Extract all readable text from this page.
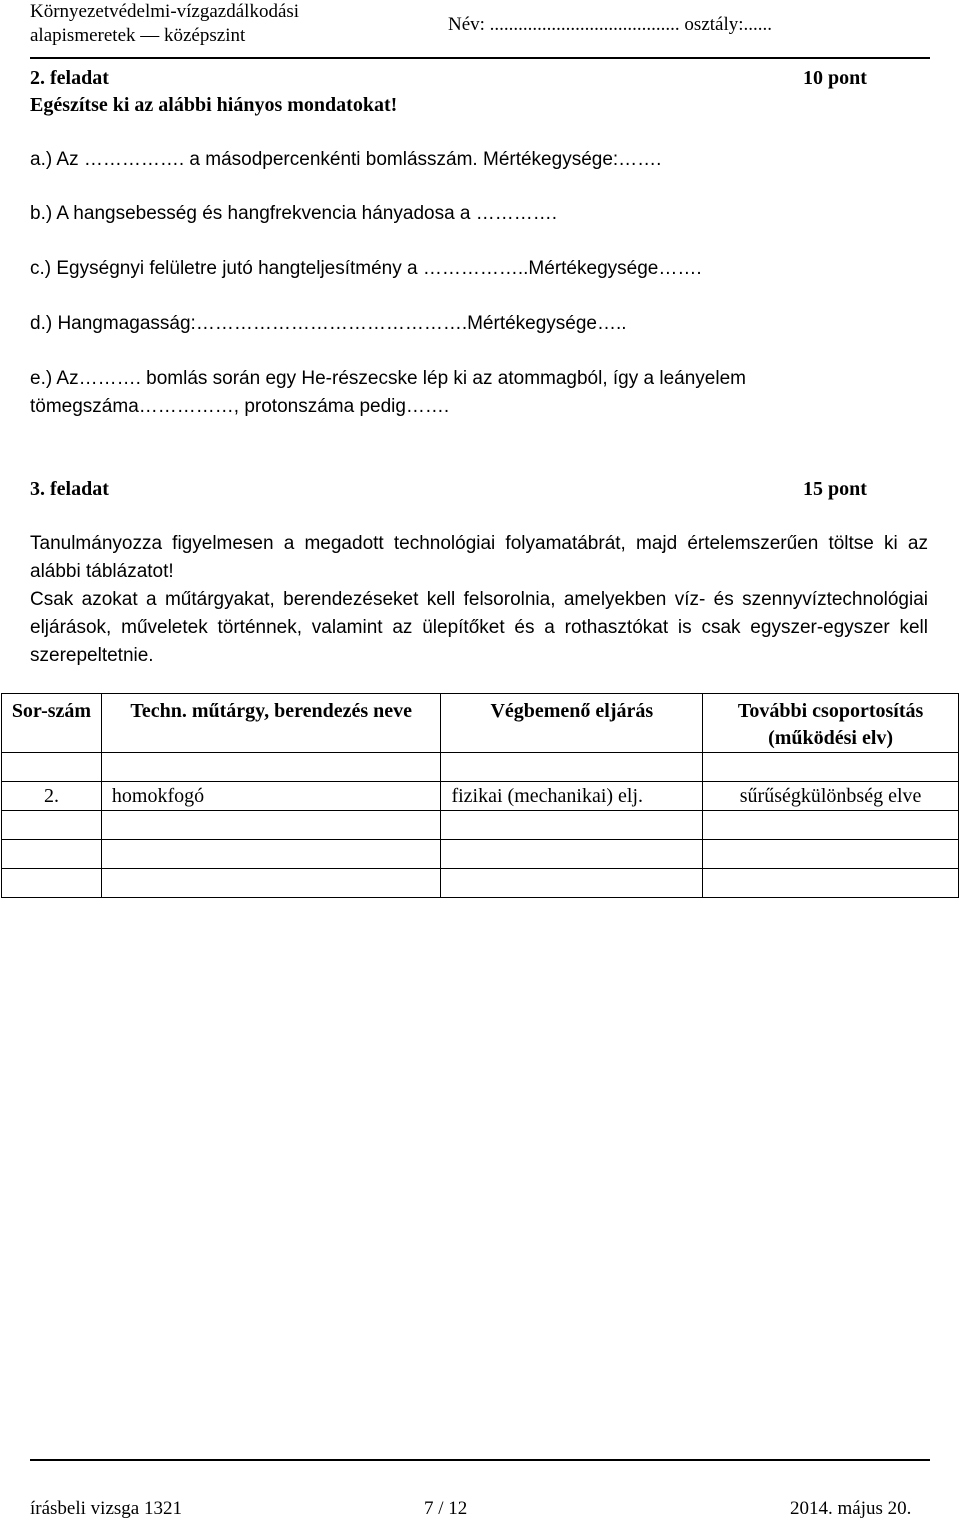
Környezetvédelmi-vízgazdálkodási
alapismeretek — középszint
Név: ........................................ osztály:......
2. feladat	10 pont
Egészítse ki az alábbi hiányos mondatokat!
a.) Az ……………. a másodpercenkénti bomlásszám. Mértékegysége:…….
b.) A hangsebesség és hangfrekvencia hányadosa a ………….
c.) Egységnyi felületre jutó hangteljesítmény a ……………..Mértékegysége…….
d.) Hangmagasság:…………………………………….Mértékegysége…..
e.) Az………. bomlás során egy He-részecske lép ki az atommagból, így a leányelem
tömegszáma……………, protonszáma pedig…….
3. feladat	15 pont
Tanulmányozza figyelmesen a megadott technológiai folyamatábrát, majd értelemszerűen töltse ki az alábbi táblázatot!
Csak azokat a műtárgyakat, berendezéseket kell felsorolnia, amelyekben víz- és szennyvíztechnológiai eljárások, műveletek történnek, valamint az ülepítőket és a rothasztókat is csak egyszer-egyszer kell szerepeltetnie.
Sor-szám	Techn. műtárgy, berendezés neve	Végbemenő eljárás	További csoportosítás (működési elv)

2.	homokfogó	fizikai (mechanikai) elj.	sűrűségkülönbség elve

írásbeli vizsga 1321	7 / 12	2014. május 20.
